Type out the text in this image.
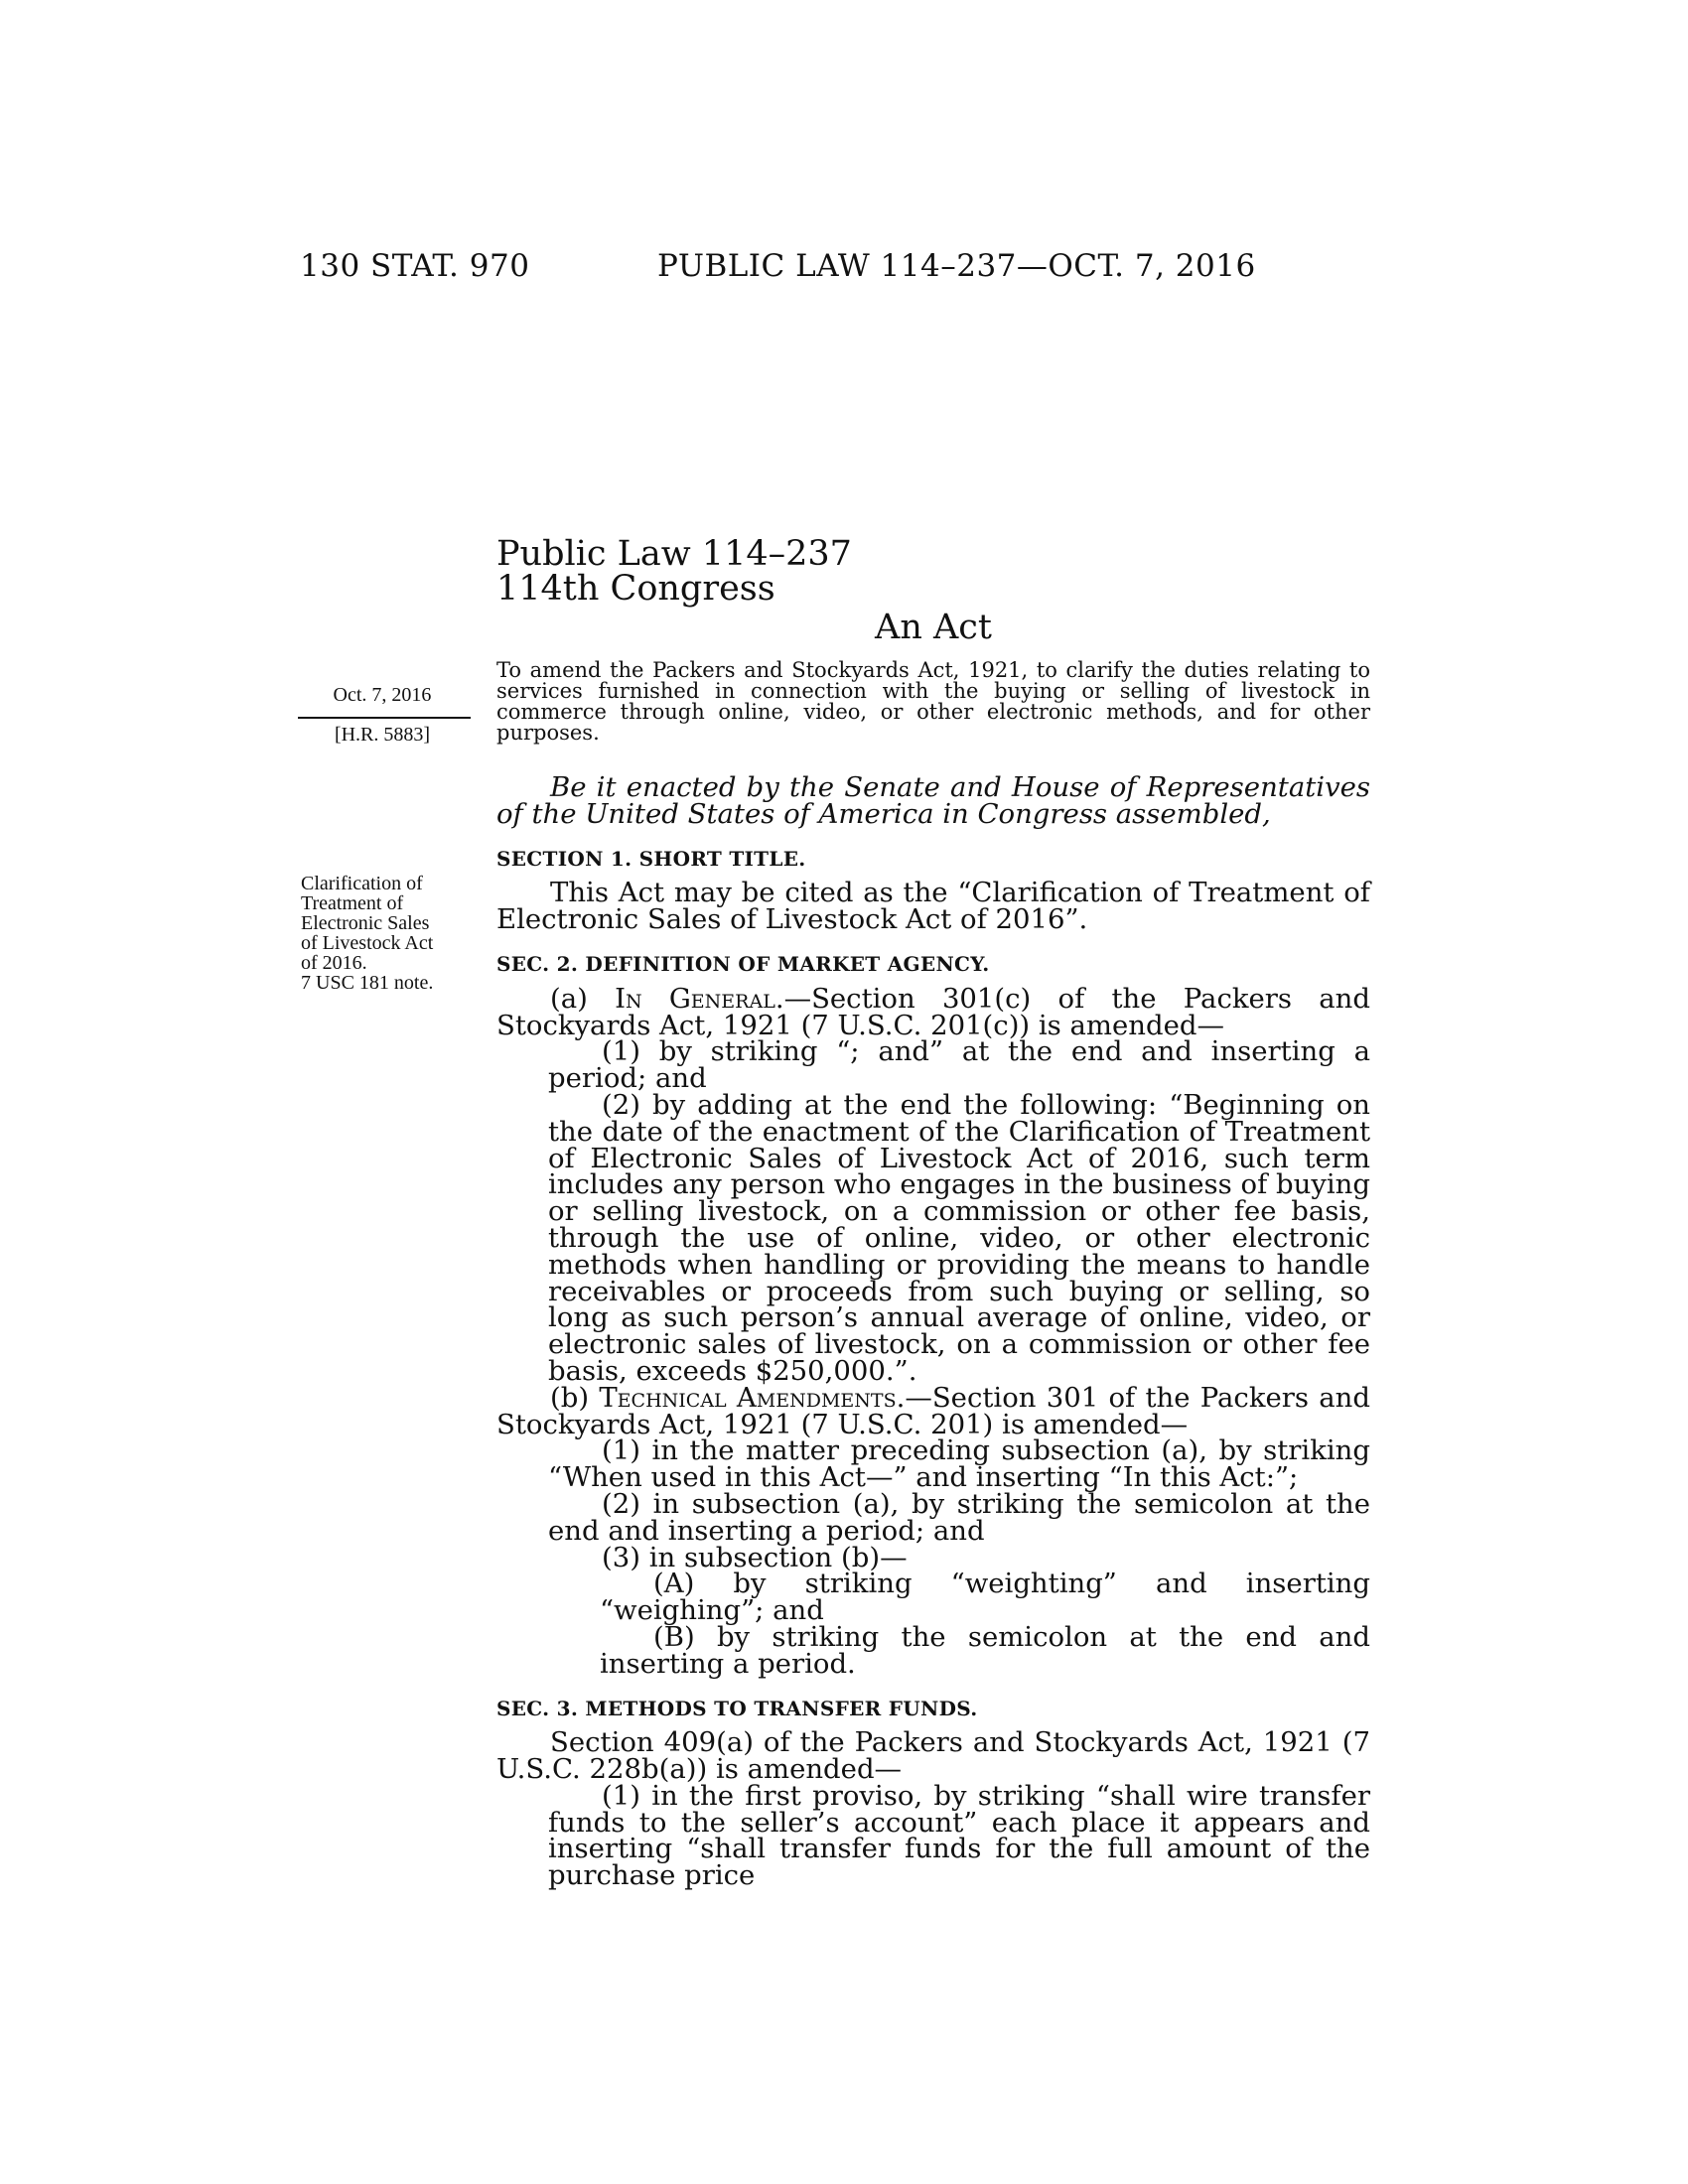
130 STAT. 970	PUBLIC LAW 114–237—OCT. 7, 2016
Public Law 114–237
114th Congress
An Act
To amend the Packers and Stockyards Act, 1921, to clarify the duties relating to services furnished in connection with the buying or selling of livestock in commerce through online, video, or other electronic methods, and for other purposes.
Oct. 7, 2016
[H.R. 5883]
Clarification of
Treatment of
Electronic Sales
of Livestock Act
of 2016.
7 USC 181 note.

Be it enacted by the Senate and House of Representatives of the United States of America in Congress assembled,

SECTION 1. SHORT TITLE.

This Act may be cited as the “Clarification of Treatment of Electronic Sales of Livestock Act of 2016”.

SEC. 2. DEFINITION OF MARKET AGENCY.

(a) In General.—Section 301(c) of the Packers and Stockyards Act, 1921 (7 U.S.C. 201(c)) is amended—

(1) by striking “; and” at the end and inserting a period; and

(2) by adding at the end the following: “Beginning on the date of the enactment of the Clarification of Treatment of Electronic Sales of Livestock Act of 2016, such term includes any person who engages in the business of buying or selling livestock, on a commission or other fee basis, through the use of online, video, or other electronic methods when handling or providing the means to handle receivables or proceeds from such buying or selling, so long as such person’s annual average of online, video, or electronic sales of livestock, on a commission or other fee basis, exceeds $250,000.”.

(b) Technical Amendments.—Section 301 of the Packers and Stockyards Act, 1921 (7 U.S.C. 201) is amended—

(1) in the matter preceding subsection (a), by striking “When used in this Act—” and inserting “In this Act:”;

(2) in subsection (a), by striking the semicolon at the end and inserting a period; and

(3) in subsection (b)—

(A) by striking “weighting” and inserting “weighing”; and

(B) by striking the semicolon at the end and inserting a period.

SEC. 3. METHODS TO TRANSFER FUNDS.

Section 409(a) of the Packers and Stockyards Act, 1921 (7 U.S.C. 228b(a)) is amended—

(1) in the first proviso, by striking “shall wire transfer funds to the seller’s account” each place it appears and inserting “shall transfer funds for the full amount of the purchase price
